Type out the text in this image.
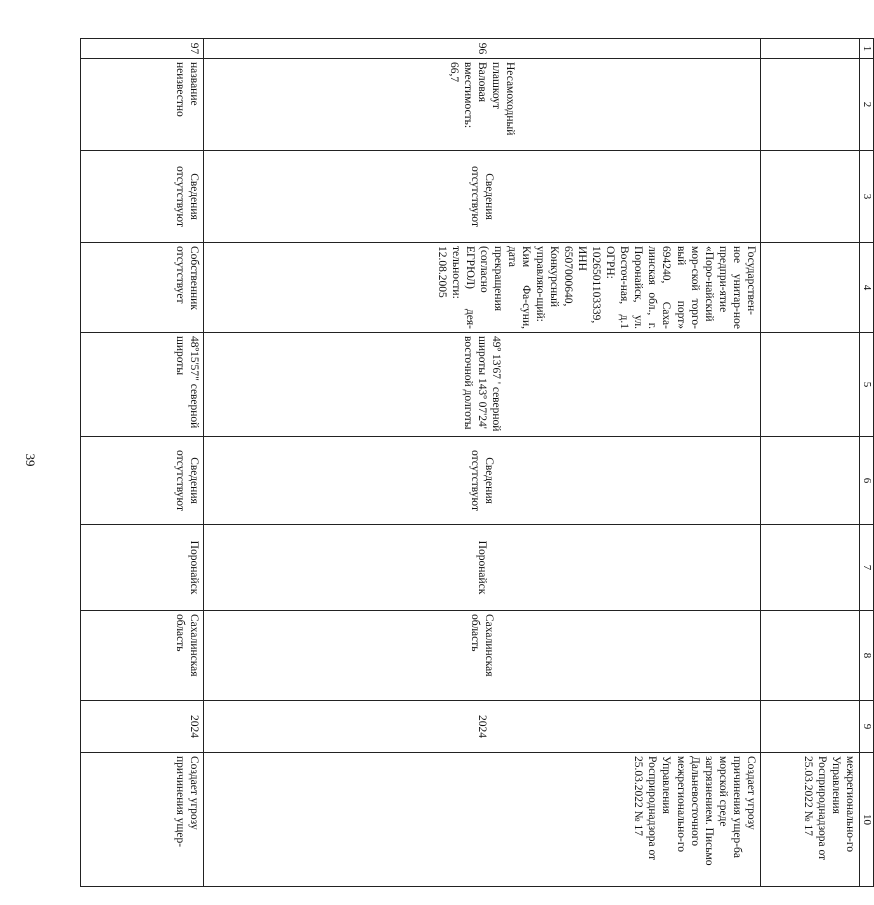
39
1	2	3	4	5	6	7	8	9	10
									межрегионально-го Управления Росприроднадзора от 25.03.2022 № 17
96	Несамоходный плашкоут Валовая вместимость: 66,7	Сведения отсутствуют	Государствен-ное унитар-ное предпри-ятие «Поро-найский мор-ской торго-вый порт» 694240, Саха-линская обл., г. Поронайск, ул. Восточ-ная, д.1 ОГРН: 1026501103339, ИНН 6507000640, Конкурсный управляю-щий: Ким Фа-суни, дата прекращения (согласно ЕГРЮЛ) дея-тельности: 12.08.2005	49º 13'67 ' северной широты 143º 07'24' восточной долготы	Сведения отсутствуют	Поронайск	Сахалинская область	2024	Создает угрозу причинения ущер-ба морской среде загрязнением. Письмо Дальневосточного межрегионально-го Управления Росприроднадзора от 25.03.2022 № 17
97	название неизвестно	Сведения отсутствуют	Собственник отсутствует	48º15'57" северной широты	Сведения отсутствуют	Поронайск	Сахалинская область	2024	Создает угрозу причинения ущер-
